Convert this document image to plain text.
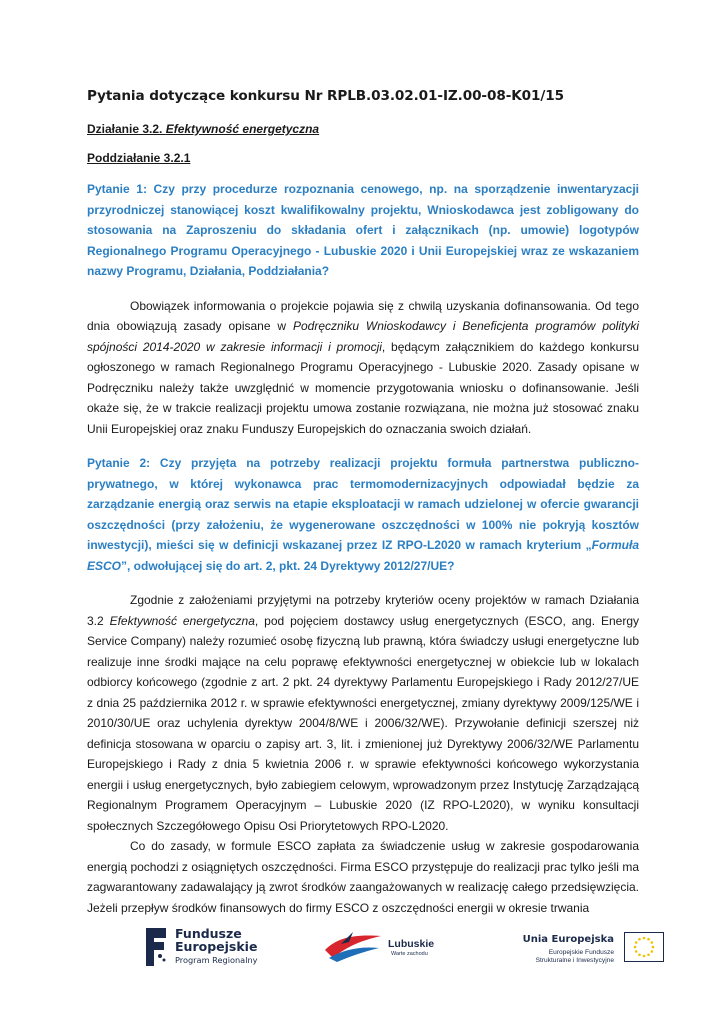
Pytania dotyczące konkursu Nr RPLB.03.02.01-IZ.00-08-K01/15

Działanie 3.2. Efektywność energetyczna

Poddziałanie 3.2.1

Pytanie 1: Czy przy procedurze rozpoznania cenowego, np. na sporządzenie inwentaryzacji przyrodniczej stanowiącej koszt kwalifikowalny projektu, Wnioskodawca jest zobligowany do stosowania na Zaproszeniu do składania ofert i załącznikach (np. umowie) logotypów Regionalnego Programu Operacyjnego - Lubuskie 2020 i Unii Europejskiej wraz ze wskazaniem nazwy Programu, Działania, Poddziałania?

Obowiązek informowania o projekcie pojawia się z chwilą uzyskania dofinansowania. Od tego dnia obowiązują zasady opisane w Podręczniku Wnioskodawcy i Beneficjenta programów polityki spójności 2014-2020 w zakresie informacji i promocji, będącym załącznikiem do każdego konkursu ogłoszonego w ramach Regionalnego Programu Operacyjnego - Lubuskie 2020. Zasady opisane w Podręczniku należy także uwzględnić w momencie przygotowania wniosku o dofinansowanie. Jeśli okaże się, że w trakcie realizacji projektu umowa zostanie rozwiązana, nie można już stosować znaku Unii Europejskiej oraz znaku Funduszy Europejskich do oznaczania swoich działań.

Pytanie 2: Czy przyjęta na potrzeby realizacji projektu formuła partnerstwa publiczno-prywatnego, w której wykonawca prac termomodernizacyjnych odpowiadał będzie za zarządzanie energią oraz serwis na etapie eksploatacji w ramach udzielonej w ofercie gwarancji oszczędności (przy założeniu, że wygenerowane oszczędności w 100% nie pokryją kosztów inwestycji), mieści się w definicji wskazanej przez IZ RPO-L2020 w ramach kryterium „Formuła ESCO”, odwołującej się do art. 2, pkt. 24 Dyrektywy 2012/27/UE?

Zgodnie z założeniami przyjętymi na potrzeby kryteriów oceny projektów w ramach Działania 3.2 Efektywność energetyczna, pod pojęciem dostawcy usług energetycznych (ESCO, ang. Energy Service Company) należy rozumieć osobę fizyczną lub prawną, która świadczy usługi energetyczne lub realizuje inne środki mające na celu poprawę efektywności energetycznej w obiekcie lub w lokalach odbiorcy końcowego (zgodnie z art. 2 pkt. 24 dyrektywy Parlamentu Europejskiego i Rady 2012/27/UE z dnia 25 października 2012 r. w sprawie efektywności energetycznej, zmiany dyrektywy 2009/125/WE i 2010/30/UE oraz uchylenia dyrektyw 2004/8/WE i 2006/32/WE). Przywołanie definicji szerszej niż definicja stosowana w oparciu o zapisy art. 3, lit. i zmienionej już Dyrektywy 2006/32/WE Parlamentu Europejskiego i Rady z dnia 5 kwietnia 2006 r. w sprawie efektywności końcowego wykorzystania energii i usług energetycznych, było zabiegiem celowym, wprowadzonym przez Instytucję Zarządzającą Regionalnym Programem Operacyjnym – Lubuskie 2020 (IZ RPO-L2020), w wyniku konsultacji społecznych Szczegółowego Opisu Osi Priorytetowych RPO-L2020.

Co do zasady, w formule ESCO zapłata za świadczenie usług w zakresie gospodarowania energią pochodzi z osiągniętych oszczędności. Firma ESCO przystępuje do realizacji prac tylko jeśli ma zagwarantowany zadawalający ją zwrot środków zaangażowanych w realizację całego przedsięwzięcia. Jeżeli przepływ środków finansowych do firmy ESCO z oszczędności energii w okresie trwania

Fundusze
Europejskie
Program Regionalny
Lubuskie
Warte zachodu
Unia Europejska
Europejskie Fundusze
Strukturalne i Inwestycyjne
